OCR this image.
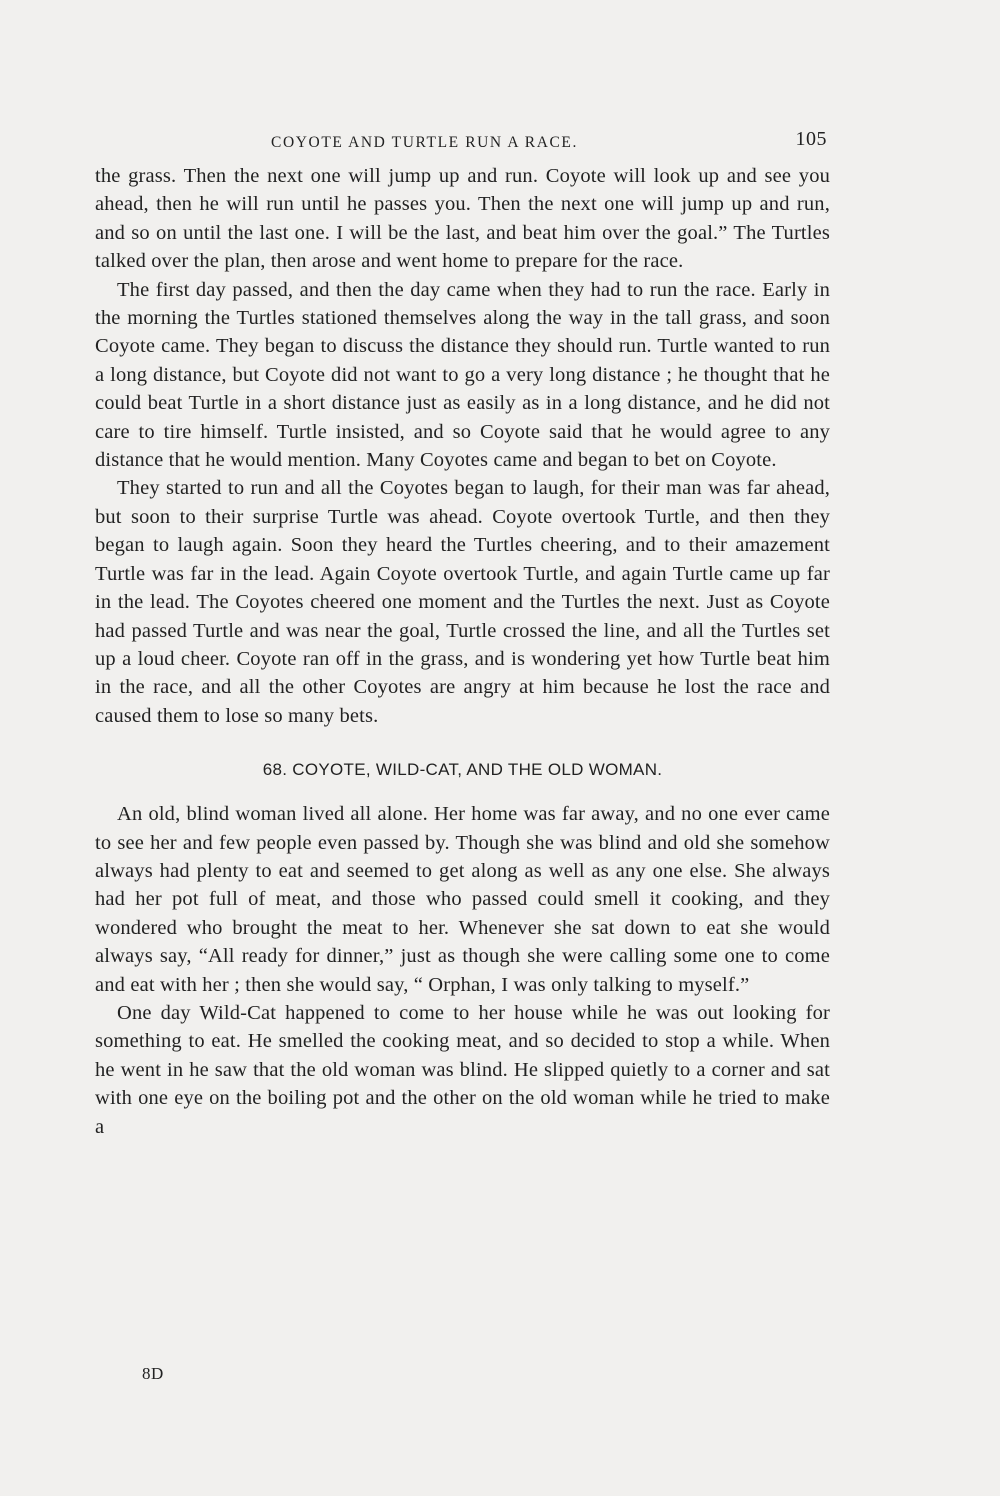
COYOTE AND TURTLE RUN A RACE.	105

the grass. Then the next one will jump up and run. Coyote will look up and see you ahead, then he will run until he passes you. Then the next one will jump up and run, and so on until the last one. I will be the last, and beat him over the goal.” The Turtles talked over the plan, then arose and went home to prepare for the race.

The first day passed, and then the day came when they had to run the race. Early in the morning the Turtles stationed themselves along the way in the tall grass, and soon Coyote came. They began to discuss the distance they should run. Turtle wanted to run a long distance, but Coyote did not want to go a very long distance ; he thought that he could beat Turtle in a short distance just as easily as in a long distance, and he did not care to tire himself. Turtle insisted, and so Coyote said that he would agree to any distance that he would mention. Many Coyotes came and began to bet on Coyote.

They started to run and all the Coyotes began to laugh, for their man was far ahead, but soon to their surprise Turtle was ahead. Coyote overtook Turtle, and then they began to laugh again. Soon they heard the Turtles cheering, and to their amazement Turtle was far in the lead. Again Coyote overtook Turtle, and again Turtle came up far in the lead. The Coyotes cheered one moment and the Turtles the next. Just as Coyote had passed Turtle and was near the goal, Turtle crossed the line, and all the Turtles set up a loud cheer. Coyote ran off in the grass, and is wondering yet how Turtle beat him in the race, and all the other Coyotes are angry at him because he lost the race and caused them to lose so many bets.

68. COYOTE, WILD-CAT, AND THE OLD WOMAN.

An old, blind woman lived all alone. Her home was far away, and no one ever came to see her and few people even passed by. Though she was blind and old she somehow always had plenty to eat and seemed to get along as well as any one else. She always had her pot full of meat, and those who passed could smell it cooking, and they wondered who brought the meat to her. Whenever she sat down to eat she would always say, “All ready for dinner,” just as though she were calling some one to come and eat with her ; then she would say, “ Orphan, I was only talking to myself.”

One day Wild-Cat happened to come to her house while he was out looking for something to eat. He smelled the cooking meat, and so decided to stop a while. When he went in he saw that the old woman was blind. He slipped quietly to a corner and sat with one eye on the boiling pot and the other on the old woman while he tried to make a

8D
